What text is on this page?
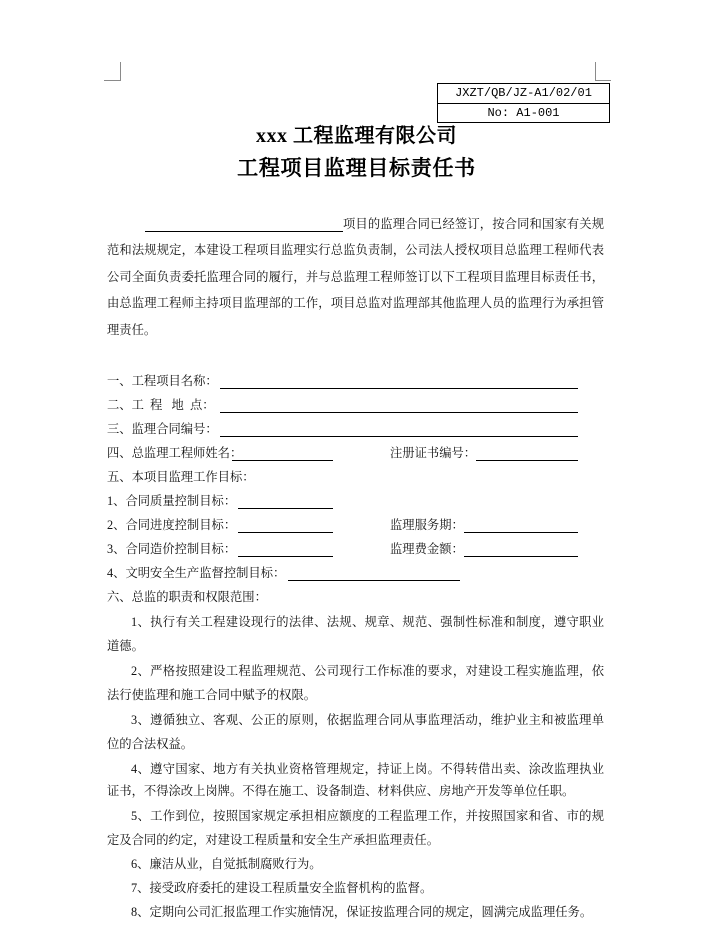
JXZT/QB/JZ-A1/02/01
No: A1-001
xxx 工程监理有限公司
工程项目监理目标责任书
项目的监理合同已经签订，按合同和国家有关规
范和法规规定，本建设工程项目监理实行总监负责制，公司法人授权项目总监理工程师代表
公司全面负责委托监理合同的履行，并与总监理工程师签订以下工程项目监理目标责任书，
由总监理工程师主持项目监理部的工作，项目总监对监理部其他监理人员的监理行为承担管
理责任。
一、工程项目名称：
二、工  程   地  点：
三、监理合同编号：
四、总监理工程师姓名：	注册证书编号：
五、本项目监理工作目标：
1、合同质量控制目标：
2、合同进度控制目标：	监理服务期：
3、合同造价控制目标：	监理费金额：
4、文明安全生产监督控制目标：
六、总监的职责和权限范围：
1、执行有关工程建设现行的法律、法规、规章、规范、强制性标准和制度，遵守职业
道德。
2、严格按照建设工程监理规范、公司现行工作标准的要求，对建设工程实施监理，依
法行使监理和施工合同中赋予的权限。
3、遵循独立、客观、公正的原则，依据监理合同从事监理活动，维护业主和被监理单
位的合法权益。
4、遵守国家、地方有关执业资格管理规定，持证上岗。不得转借出卖、涂改监理执业
证书，不得涂改上岗牌。不得在施工、设备制造、材料供应、房地产开发等单位任职。
5、工作到位，按照国家规定承担相应额度的工程监理工作，并按照国家和省、市的规
定及合同的约定，对建设工程质量和安全生产承担监理责任。
6、廉洁从业，自觉抵制腐败行为。
7、接受政府委托的建设工程质量安全监督机构的监督。
8、定期向公司汇报监理工作实施情况，保证按监理合同的规定，圆满完成监理任务。
